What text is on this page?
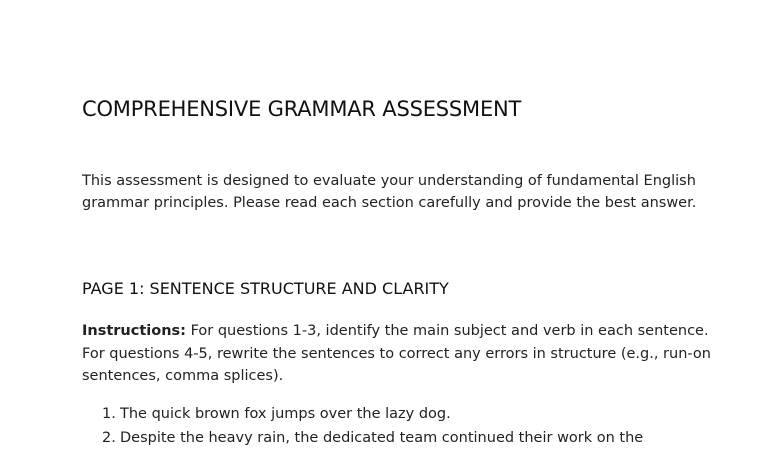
COMPREHENSIVE GRAMMAR ASSESSMENT

This assessment is designed to evaluate your understanding of fundamental English grammar principles. Please read each section carefully and provide the best answer.

PAGE 1: SENTENCE STRUCTURE AND CLARITY

Instructions: For questions 1-3, identify the main subject and verb in each sentence. For questions 4-5, rewrite the sentences to correct any errors in structure (e.g., run-on sentences, comma splices).

1. The quick brown fox jumps over the lazy dog.
2. Despite the heavy rain, the dedicated team continued their work on the
